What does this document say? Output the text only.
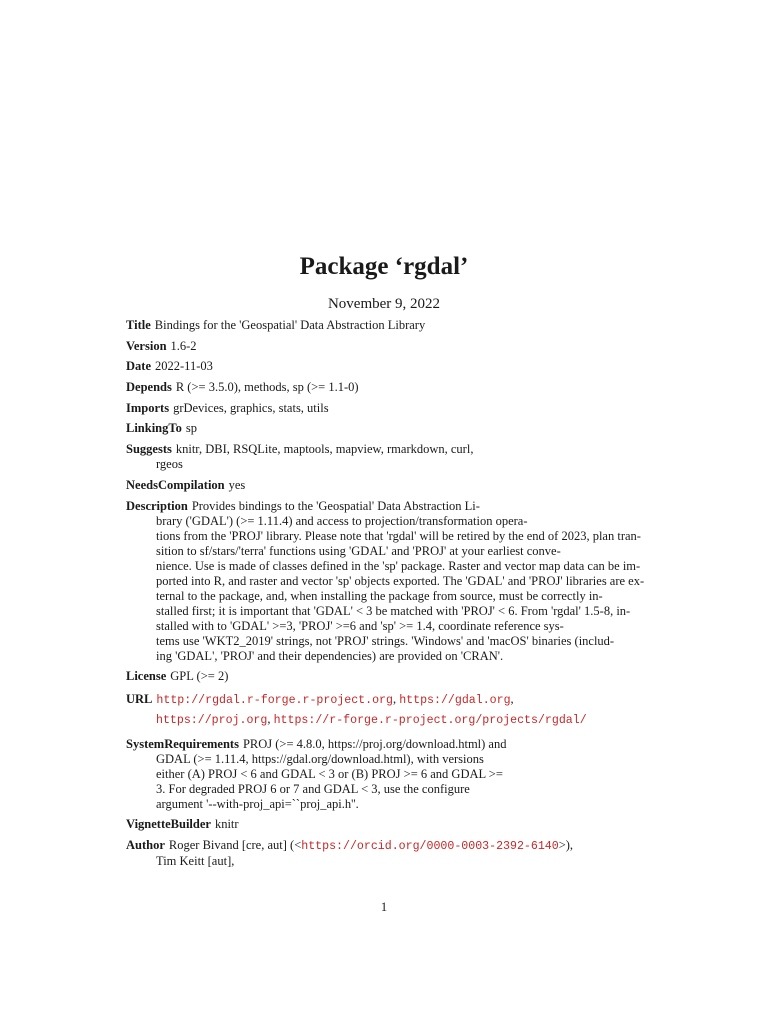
Package ‘rgdal’
November 9, 2022
Title Bindings for the 'Geospatial' Data Abstraction Library
Version 1.6-2
Date 2022-11-03
Depends R (>= 3.5.0), methods, sp (>= 1.1-0)
Imports grDevices, graphics, stats, utils
LinkingTo sp
Suggests knitr, DBI, RSQLite, maptools, mapview, rmarkdown, curl,
rgeos
NeedsCompilation yes
Description Provides bindings to the 'Geospatial' Data Abstraction Li-
brary ('GDAL') (>= 1.11.4) and access to projection/transformation opera-
tions from the 'PROJ' library. Please note that 'rgdal' will be retired by the end of 2023, plan tran-
sition to sf/stars/'terra' functions using 'GDAL' and 'PROJ' at your earliest conve-
nience. Use is made of classes defined in the 'sp' package. Raster and vector map data can be im-
ported into R, and raster and vector 'sp' objects exported. The 'GDAL' and 'PROJ' libraries are ex-
ternal to the package, and, when installing the package from source, must be correctly in-
stalled first; it is important that 'GDAL' < 3 be matched with 'PROJ' < 6. From 'rgdal' 1.5-8, in-
stalled with to 'GDAL' >=3, 'PROJ' >=6 and 'sp' >= 1.4, coordinate reference sys-
tems use 'WKT2_2019' strings, not 'PROJ' strings. 'Windows' and 'macOS' binaries (includ-
ing 'GDAL', 'PROJ' and their dependencies) are provided on 'CRAN'.
License GPL (>= 2)
URL http://rgdal.r-forge.r-project.org, https://gdal.org,
https://proj.org, https://r-forge.r-project.org/projects/rgdal/
SystemRequirements PROJ (>= 4.8.0, https://proj.org/download.html) and
GDAL (>= 1.11.4, https://gdal.org/download.html), with versions
either (A) PROJ < 6 and GDAL < 3 or (B) PROJ >= 6 and GDAL >=
3. For degraded PROJ 6 or 7 and GDAL < 3, use the configure
argument '--with-proj_api=``proj_api.h''.
VignetteBuilder knitr
Author Roger Bivand [cre, aut] (<https://orcid.org/0000-0003-2392-6140>),
Tim Keitt [aut],
1
